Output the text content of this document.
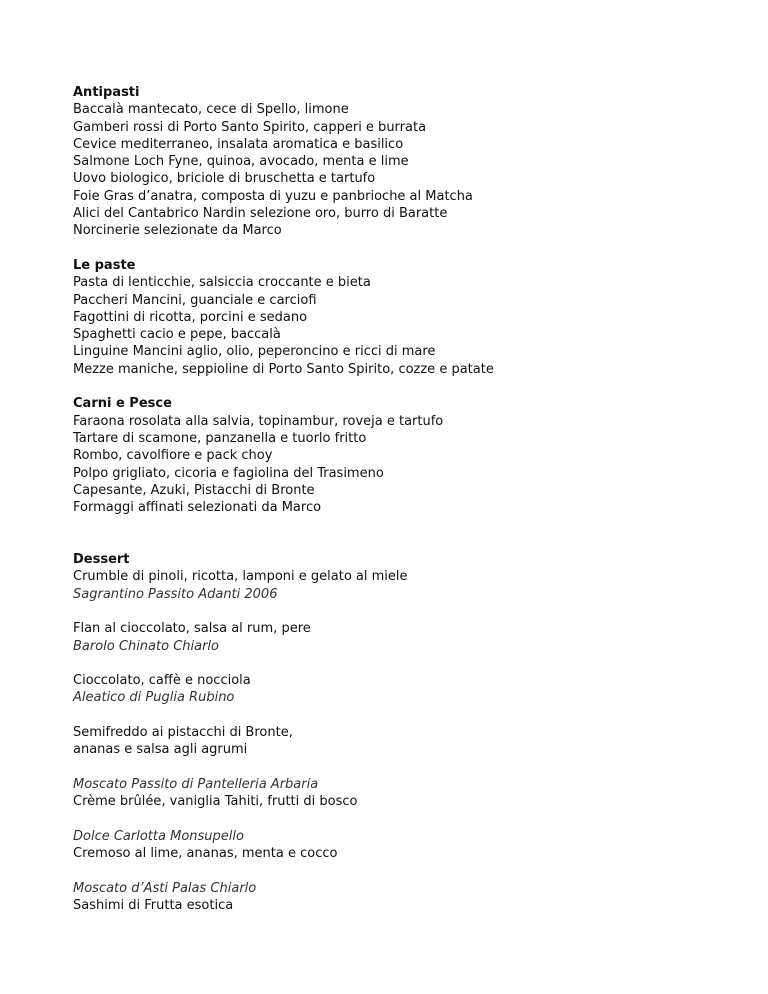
Antipasti
Baccalà mantecato, cece di Spello, limone
Gamberi rossi di Porto Santo Spirito, capperi e burrata
Cevice mediterraneo, insalata aromatica e basilico
Salmone Loch Fyne, quinoa, avocado, menta e lime
Uovo biologico, briciole di bruschetta e tartufo
Foie Gras d’anatra, composta di yuzu e panbrioche al Matcha
Alici del Cantabrico Nardin selezione oro, burro di Baratte
Norcinerie selezionate da Marco
Le paste
Pasta di lenticchie, salsiccia croccante e bieta
Paccheri Mancini, guanciale e carciofi
Fagottini di ricotta, porcini e sedano
Spaghetti cacio e pepe, baccalà
Linguine Mancini aglio, olio, peperoncino e ricci di mare
Mezze maniche, seppioline di Porto Santo Spirito, cozze e patate
Carni e Pesce
Faraona rosolata alla salvia, topinambur, roveja e tartufo
Tartare di scamone, panzanella e tuorlo fritto
Rombo, cavolfiore e pack choy
Polpo grigliato, cicoria e fagiolina del Trasimeno
Capesante, Azuki, Pistacchi di Bronte
Formaggi affinati selezionati da Marco
Dessert
Crumble di pinoli, ricotta, lamponi e gelato al miele
Sagrantino Passito Adanti 2006
Flan al cioccolato, salsa al rum, pere
Barolo Chinato Chiarlo
Cioccolato, caffè e nocciola
Aleatico di Puglia Rubino
Semifreddo ai pistacchi di Bronte,
ananas e salsa agli agrumi
Moscato Passito di Pantelleria Arbaria
Crème brûlée, vaniglia Tahiti, frutti di bosco
Dolce Carlotta Monsupello
Cremoso al lime, ananas, menta e cocco
Moscato d’Asti Palas Chiarlo
Sashimi di Frutta esotica
